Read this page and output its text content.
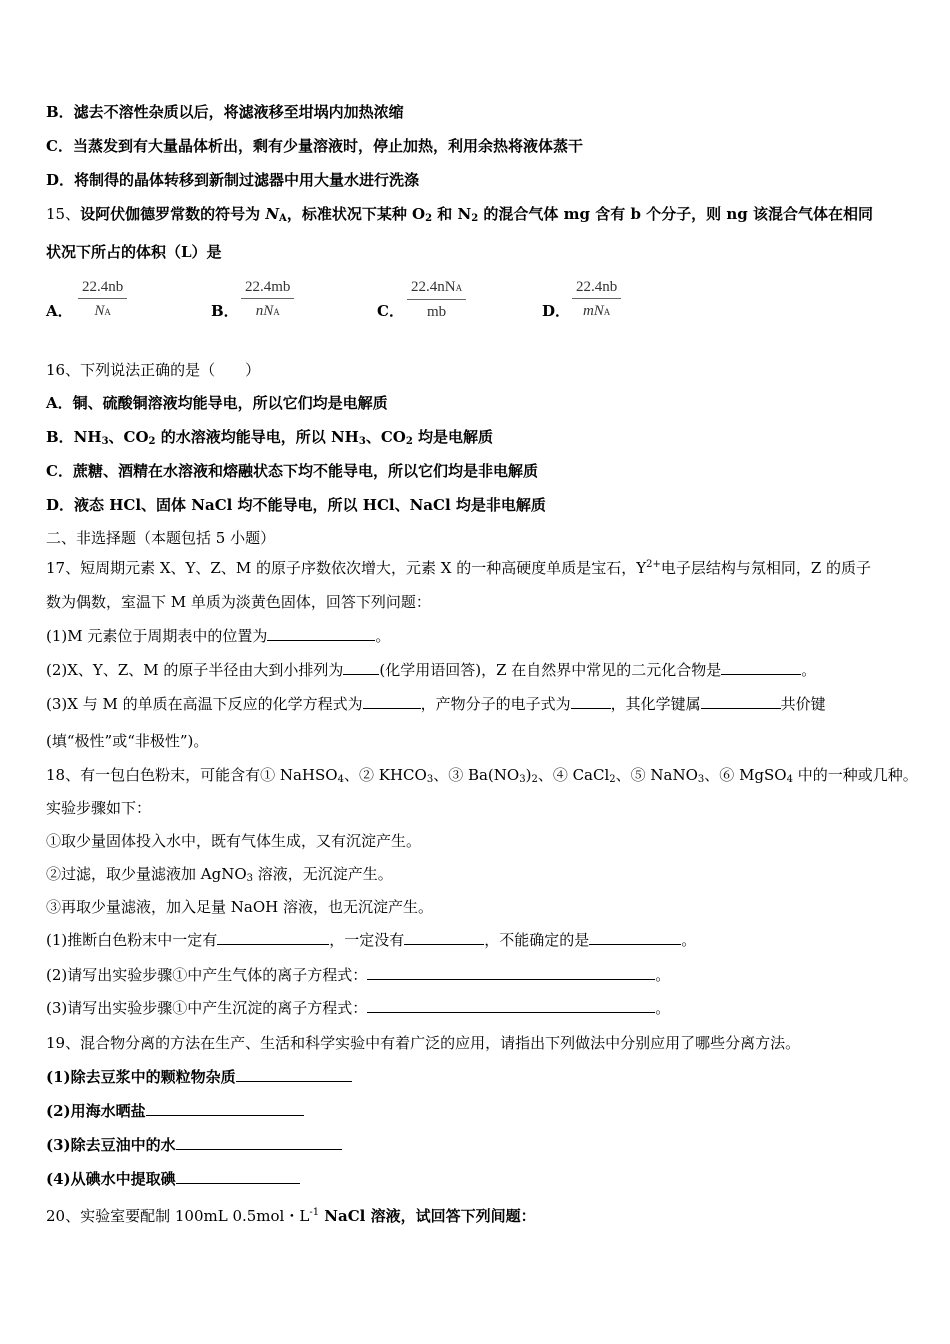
B．滤去不溶性杂质以后，将滤液移至坩埚内加热浓缩
C．当蒸发到有大量晶体析出，剩有少量溶液时，停止加热，利用余热将液体蒸干
D．将制得的晶体转移到新制过滤器中用大量水进行洗涤
15、设阿伏伽德罗常数的符号为 $N_A$，标准状况下某种 $O_2$ 和 $N_2$ 的混合气体 mg 含有 b 个分子，则 ng 该混合气体在相同
状况下所占的体积（L）是
A． $\frac{22.4nb}{NA}$	B．
22.4mb
nNA	C．
22.4nNA
mb	D．
22.4nb
mNA
16、下列说法正确的是（　　）
A．铜、硫酸铜溶液均能导电，所以它们均是电解质
B．$NH_3$、$CO_2$ 的水溶液均能导电，所以 $NH_3$、$CO_2$ 均是电解质
C．蔗糖、酒精在水溶液和熔融状态下均不能导电，所以它们均是非电解质
D．液态 HCl、固体 NaCl 均不能导电，所以 HCl、NaCl 均是非电解质
二、非选择题（本题包括 5 小题）
17、短周期元素 X、Y、Z、M 的原子序数依次增大，元素 X 的一种高硬度单质是宝石，$Y^{2+}$电子层结构与氖相同，Z 的质子
数为偶数，室温下 M 单质为淡黄色固体，回答下列问题：
(1)M 元素位于周期表中的位置为	。
(2)X、Y、Z、M 的原子半径由大到小排列为 (化学用语回答)，Z 在自然界中常见的二元化合物是	。
(3)X 与 M 的单质在高温下反应的化学方程式为	，产物分子的电子式为	，其化学键属	共价键
(填“极性”或“非极性”)。
18、有一包白色粉末，可能含有① NaHSO$_4$、② $KHCO_3$、③ $Ba(NO_3)_2$、④ CaCl$_2$、⑤ NaNO$_3$、⑥ MgSO$_4$ 中的一种或几种。
实验步骤如下：
①取少量固体投入水中，既有气体生成，又有沉淀产生。
②过滤，取少量滤液加 AgNO$_3$ 溶液，无沉淀产生。
③再取少量滤液，加入足量 NaOH 溶液，也无沉淀产生。
(1)推断白色粉末中一定有	，一定没有	，不能确定的是	。
(2)请写出实验步骤①中产生气体的离子方程式：	。
(3)请写出实验步骤①中产生沉淀的离子方程式：	。
19、混合物分离的方法在生产、生活和科学实验中有着广泛的应用，请指出下列做法中分别应用了哪些分离方法。
(1)除去豆浆中的颗粒物杂质
(2)用海水晒盐
(3)除去豆油中的水
(4)从碘水中提取碘
20、实验室要配制 100mL 0.5mol・$L^{-1}$ NaCl 溶液，试回答下列间题：
